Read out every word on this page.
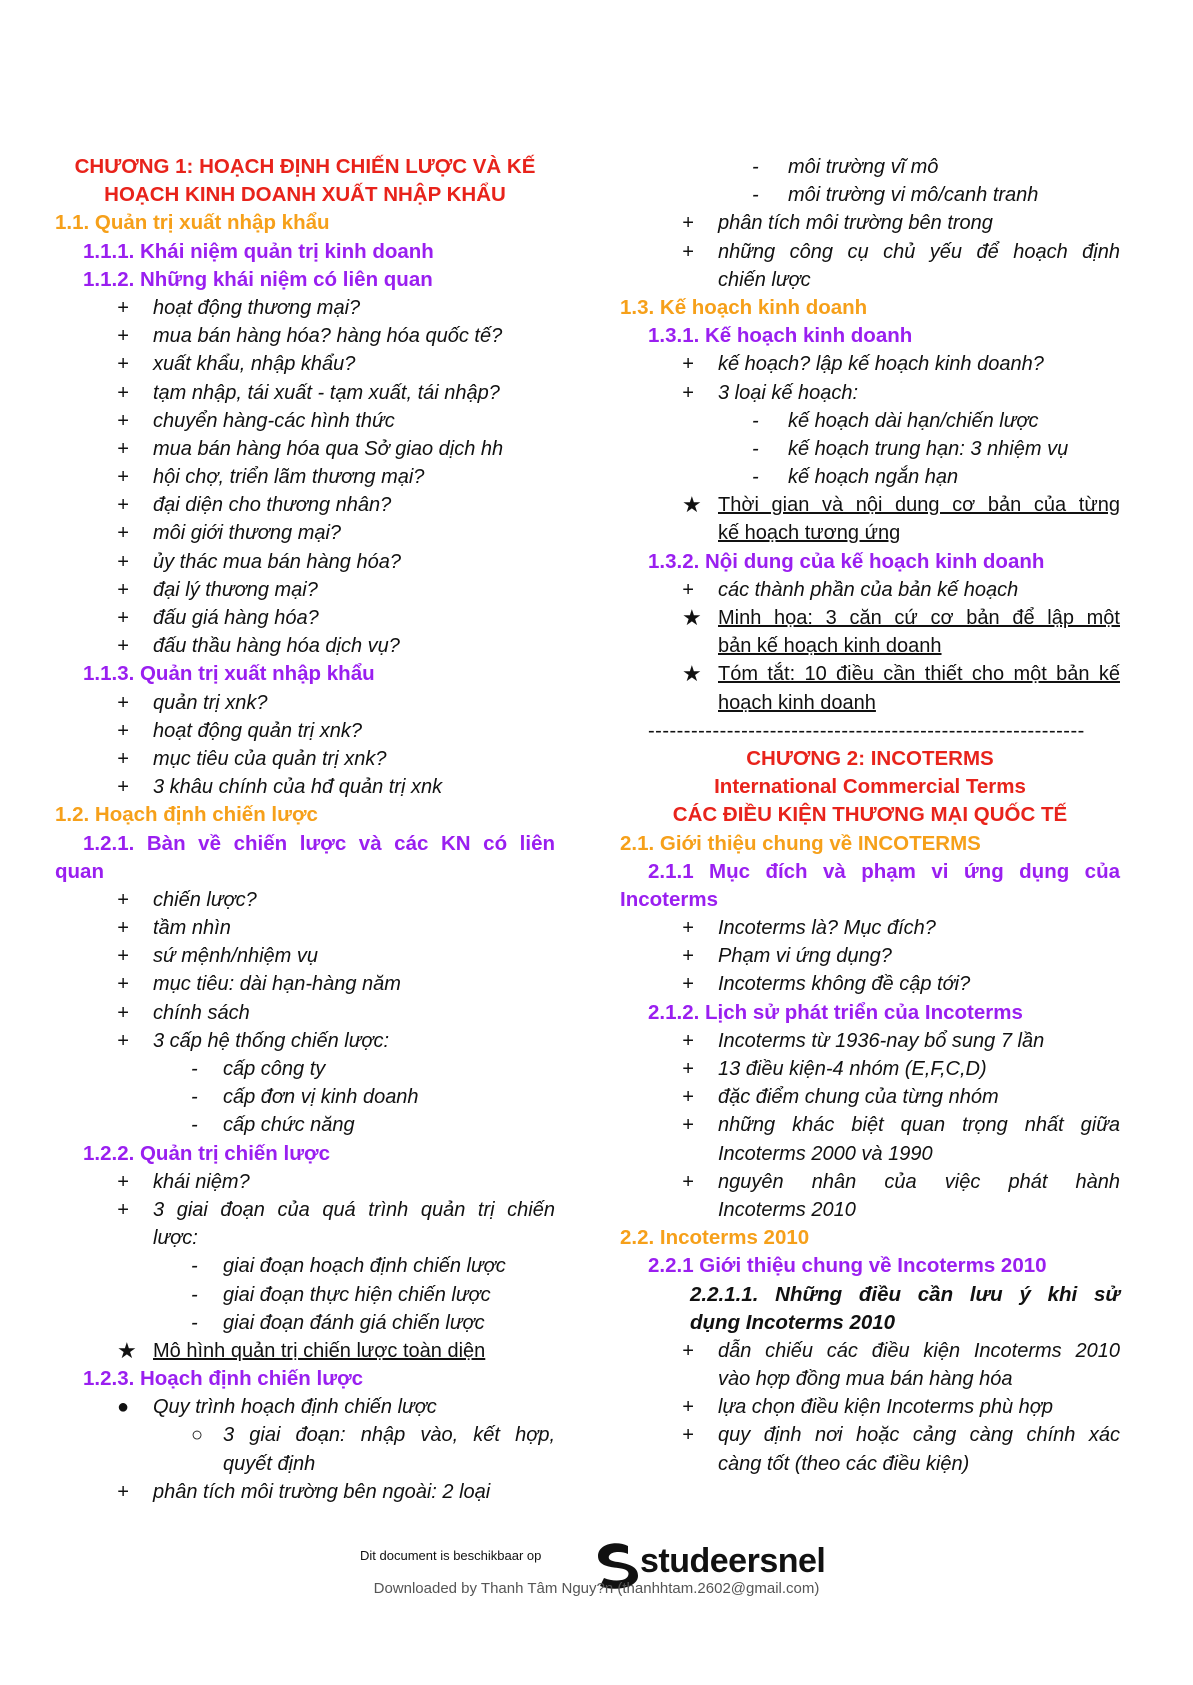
CHƯƠNG 1: HOẠCH ĐỊNH CHIẾN LƯỢC VÀ KẾ
HOẠCH KINH DOANH XUẤT NHẬP KHẨU
1.1. Quản trị xuất nhập khẩu
1.1.1. Khái niệm quản trị kinh doanh
1.1.2. Những khái niệm có liên quan
+ hoạt động thương mại?
+ mua bán hàng hóa? hàng hóa quốc tế?
+ xuất khẩu, nhập khẩu?
+ tạm nhập, tái xuất - tạm xuất, tái nhập?
+ chuyển hàng-các hình thức
+ mua bán hàng hóa qua Sở giao dịch hh
+ hội chợ, triển lãm thương mại?
+ đại diện cho thương nhân?
+ môi giới thương mại?
+ ủy thác mua bán hàng hóa?
+ đại lý thương mại?
+ đấu giá hàng hóa?
+ đấu thầu hàng hóa dịch vụ?
1.1.3. Quản trị xuất nhập khẩu
+ quản trị xnk?
+ hoạt động quản trị xnk?
+ mục tiêu của quản trị xnk?
+ 3 khâu chính của hđ quản trị xnk
1.2. Hoạch định chiến lược
1.2.1. Bàn về chiến lược và các KN có liên
quan
+ chiến lược?
+ tầm nhìn
+ sứ mệnh/nhiệm vụ
+ mục tiêu: dài hạn-hàng năm
+ chính sách
+ 3 cấp hệ thống chiến lược:
- cấp công ty
- cấp đơn vị kinh doanh
- cấp chức năng
1.2.2. Quản trị chiến lược
+ khái niệm?
+ 3 giai đoạn của quá trình quản trị chiến
lược:
- giai đoạn hoạch định chiến lược
- giai đoạn thực hiện chiến lược
- giai đoạn đánh giá chiến lược
★ Mô hình quản trị chiến lược toàn diện
1.2.3. Hoạch định chiến lược
● Quy trình hoạch định chiến lược
○ 3 giai đoạn: nhập vào, kết hợp,
quyết định
+ phân tích môi trường bên ngoài: 2 loại
- môi trường vĩ mô
- môi trường vi mô/canh tranh
+ phân tích môi trường bên trong
+ những công cụ chủ yếu để hoạch định
chiến lược
1.3. Kế hoạch kinh doanh
1.3.1. Kế hoạch kinh doanh
+ kế hoạch? lập kế hoạch kinh doanh?
+ 3 loại kế hoạch:
- kế hoạch dài hạn/chiến lược
- kế hoạch trung hạn: 3 nhiệm vụ
- kế hoạch ngắn hạn
★ Thời gian và nội dung cơ bản của từng
kế hoạch tương ứng
1.3.2. Nội dung của kế hoạch kinh doanh
+ các thành phần của bản kế hoạch
★ Minh họa: 3 căn cứ cơ bản để lập một
bản kế hoạch kinh doanh
★ Tóm tắt: 10 điều cần thiết cho một bản kế
hoạch kinh doanh
-------------------------------------------------------------
CHƯƠNG 2: INCOTERMS
International Commercial Terms
CÁC ĐIỀU KIỆN THƯƠNG MẠI QUỐC TẾ
2.1. Giới thiệu chung về INCOTERMS
2.1.1 Mục đích và phạm vi ứng dụng của
Incoterms
+ Incoterms là? Mục đích?
+ Phạm vi ứng dụng?
+ Incoterms không đề cập tới?
2.1.2. Lịch sử phát triển của Incoterms
+ Incoterms từ 1936-nay bổ sung 7 lần
+ 13 điều kiện-4 nhóm (E,F,C,D)
+ đặc điểm chung của từng nhóm
+ những khác biệt quan trọng nhất giữa
Incoterms 2000 và 1990
+ nguyên nhân của việc phát hành
Incoterms 2010
2.2. Incoterms 2010
2.2.1 Giới thiệu chung về Incoterms 2010
2.2.1.1. Những điều cần lưu ý khi sử
dụng Incoterms 2010
+ dẫn chiếu các điều kiện Incoterms 2010
vào hợp đồng mua bán hàng hóa
+ lựa chọn điều kiện Incoterms phù hợp
+ quy định nơi hoặc cảng càng chính xác
càng tốt (theo các điều kiện)
Dit document is beschikbaar op	studeersnel
Downloaded by Thanh Tâm Nguy?n (thanhhtam.2602@gmail.com)
